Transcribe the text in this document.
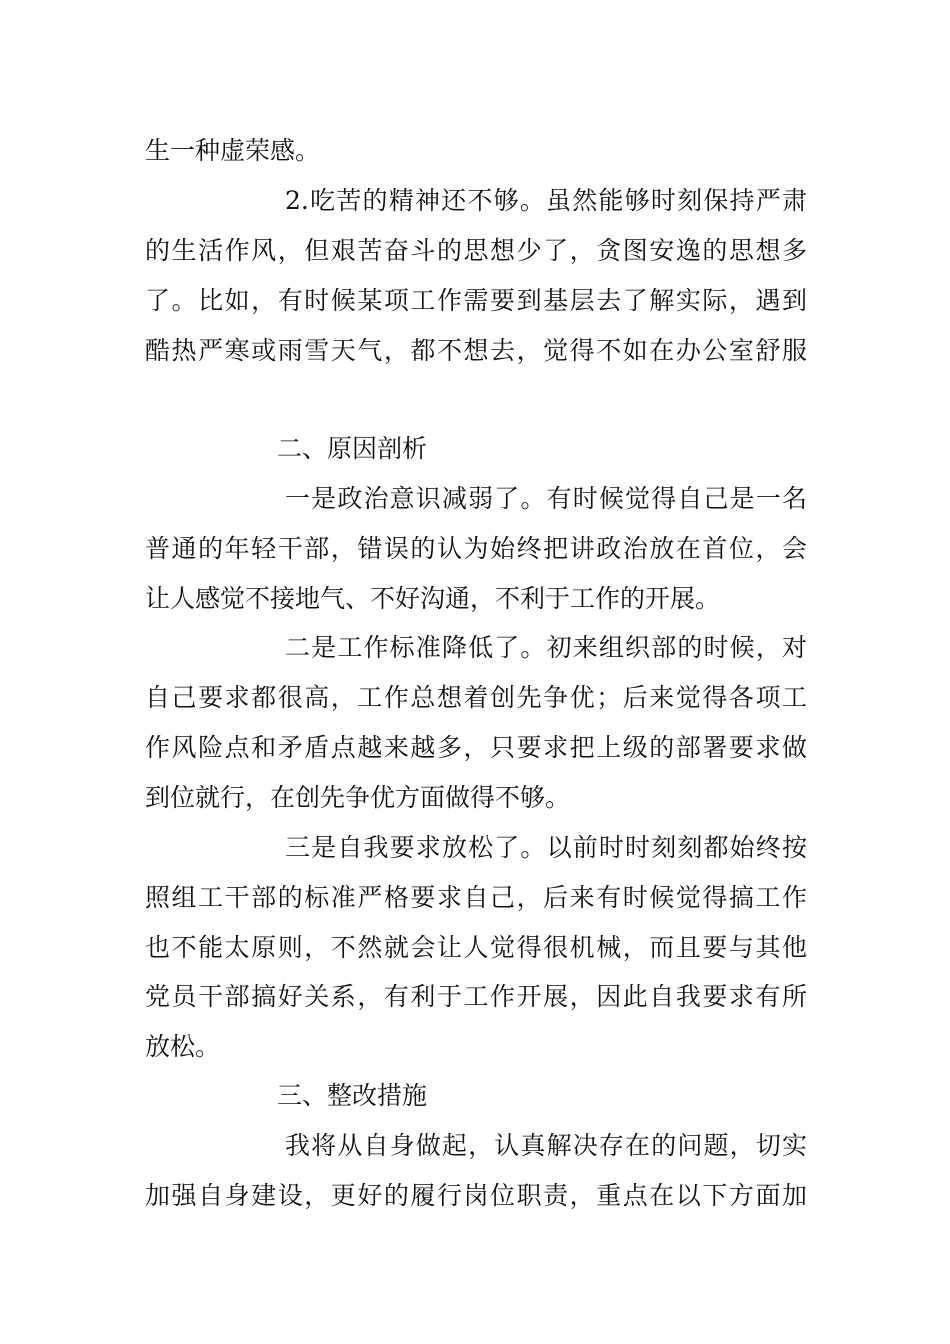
生一种虚荣感。
2.吃苦的精神还不够。虽然能够时刻保持严肃
的生活作风，但艰苦奋斗的思想少了，贪图安逸的思想多
了。比如，有时候某项工作需要到基层去了解实际，遇到
酷热严寒或雨雪天气，都不想去，觉得不如在办公室舒服
二、原因剖析
一是政治意识减弱了。有时候觉得自己是一名
普通的年轻干部，错误的认为始终把讲政治放在首位，会
让人感觉不接地气、不好沟通，不利于工作的开展。
二是工作标准降低了。初来组织部的时候，对
自己要求都很高，工作总想着创先争优；后来觉得各项工
作风险点和矛盾点越来越多，只要求把上级的部署要求做
到位就行，在创先争优方面做得不够。
三是自我要求放松了。以前时时刻刻都始终按
照组工干部的标准严格要求自己，后来有时候觉得搞工作
也不能太原则，不然就会让人觉得很机械，而且要与其他
党员干部搞好关系，有利于工作开展，因此自我要求有所
放松。
三、整改措施
我将从自身做起，认真解决存在的问题，切实
加强自身建设，更好的履行岗位职责，重点在以下方面加
